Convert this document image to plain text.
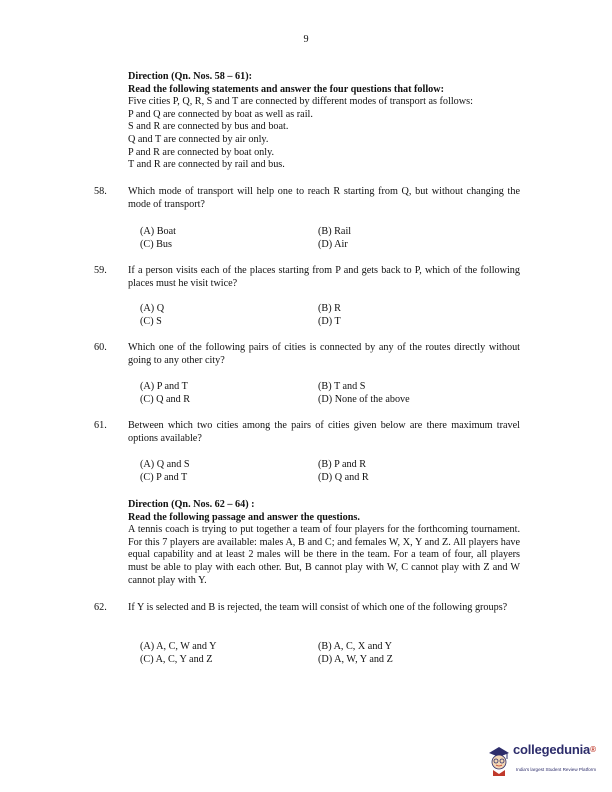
9
Direction (Qn. Nos. 58 – 61):
Read the following statements and answer the four questions that follow:
Five cities P, Q, R, S and T are connected by different modes of transport as follows:
P and Q are connected by boat as well as rail.
S and R are connected by bus and boat.
Q and T are connected by air only.
P and R are connected by boat only.
T and R are connected by rail and bus.
58.	Which mode of transport will help one to reach R starting from Q, but without changing the mode of transport?
(A) Boat	(B) Rail
(C) Bus	(D) Air
59.	If a person visits each of the places starting from P and gets back to P, which of the following places must he visit twice?
(A) Q	(B) R
(C) S	(D) T
60.	Which one of the following pairs of cities is connected by any of the routes directly without going to any other city?
(A) P and T	(B) T and S
(C) Q and R	(D) None of the above
61.	Between which two cities among the pairs of cities given below are there maximum travel options available?
(A) Q and S	(B) P and R
(C) P and T	(D) Q and R
Direction (Qn. Nos. 62 – 64) :
Read the following passage and answer the questions.
A tennis coach is trying to put together a team of four players for the forthcoming tournament. For this 7 players are available: males A, B and C; and females W, X, Y and Z. All players have equal capability and at least 2 males will be there in the team. For a team of four, all players must be able to play with each other. But, B cannot play with W, C cannot play with Z and W cannot play with Y.
62.	If Y is selected and B is rejected, the team will consist of which one of the following groups?
(A) A, C, W and Y	(B) A, C, X and Y
(C) A, C, Y and Z	(D) A, W, Y and Z
collegedunia®
India's largest Student Review Platform
